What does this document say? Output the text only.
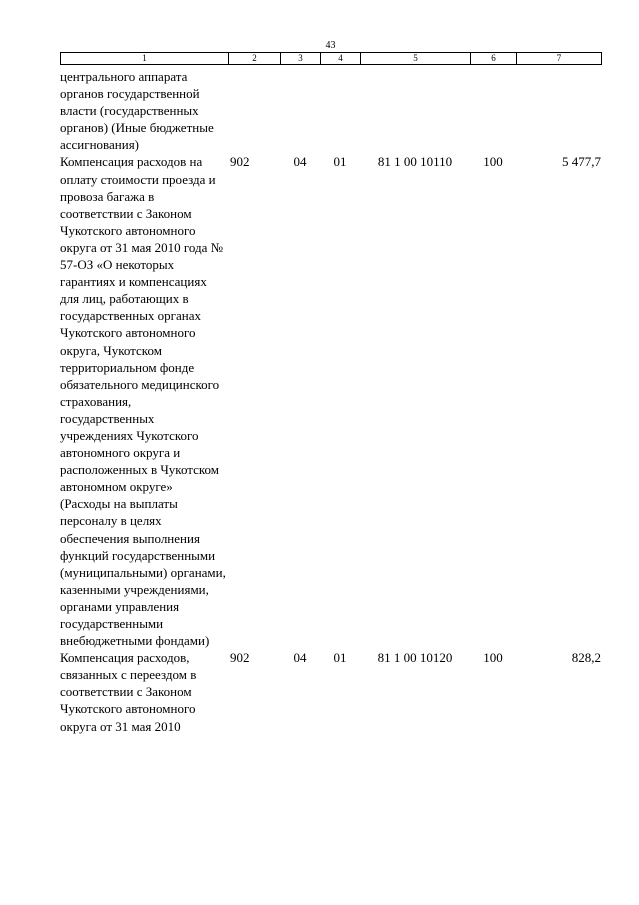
43
1	2	3	4	5	6	7
центрального аппарата органов государственной власти (государственных органов) (Иные бюджетные ассигнования)						
Компенсация расходов на оплату стоимости проезда и провоза багажа в соответствии с Законом Чукотского автономного округа от 31 мая 2010 года № 57-ОЗ «О некоторых гарантиях и компенсациях для лиц, работающих в государственных органах Чукотского автономного округа, Чукотском территориальном фонде обязательного медицинского страхования, государственных учреждениях Чукотского автономного округа и расположенных в Чукотском автономном округе» (Расходы на выплаты персоналу в целях обеспечения выполнения функций государственными (муниципальными) органами, казенными учреждениями, органами управления государственными внебюджетными фондами)	902	04	01	81 1 00 10110	100	5 477,7
Компенсация расходов, связанных с переездом в соответствии с Законом Чукотского автономного округа от 31 мая 2010	902	04	01	81 1 00 10120	100	828,2
